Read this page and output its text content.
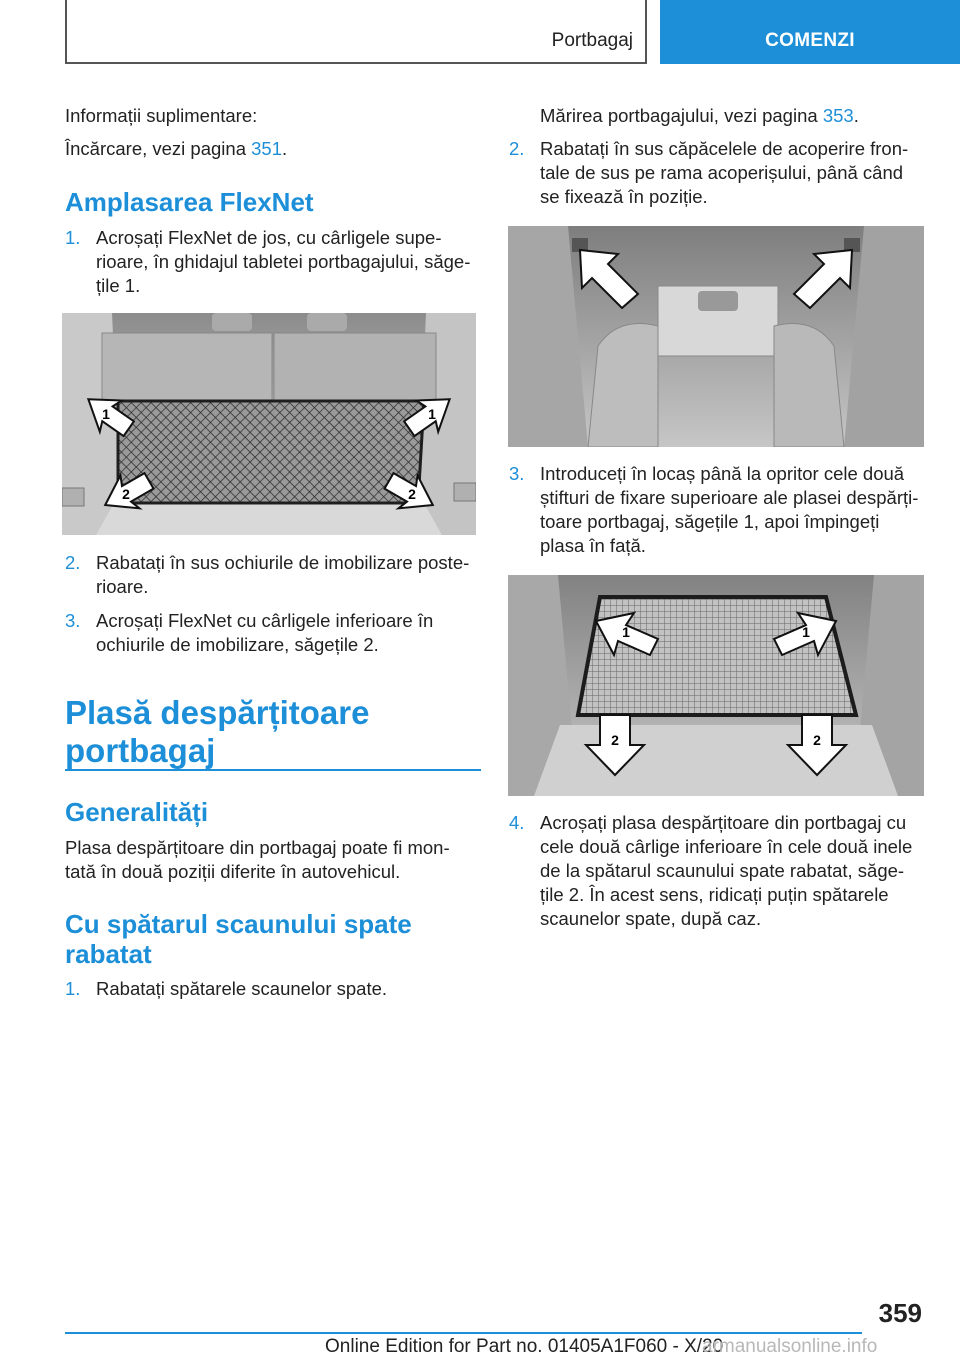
Portbagaj	COMENZI

Informații suplimentare:

Încărcare, vezi pagina 351.

Amplasarea FlexNet

1. Acroșați FlexNet de jos, cu cârligele supe‐
rioare, în ghidajul tabletei portbagajului, săge‐
țile 1.
1	1
2	2
2. Rabatați în sus ochiurile de imobilizare poste‐
rioare.
3. Acroșați FlexNet cu cârligele inferioare în
ochiurile de imobilizare, săgețile 2.
Plasă despărțitoare
portbagaj

Generalități

Plasa despărțitoare din portbagaj poate fi mon‐
tată în două poziții diferite în autovehicul.
Cu spătarul scaunului spate
rabatat
1. Rabatați spătarele scaunelor spate.

Mărirea portbagajului, vezi pagina 353.

2. Rabatați în sus căpăcelele de acoperire fron‐
tale de sus pe rama acoperișului, până când
se fixează în poziție.
3. Introduceți în locaș până la opritor cele două
știfturi de fixare superioare ale plasei despărți‐
toare portbagaj, săgețile 1, apoi împingeți
plasa în față.
1	1
2	2
4. Acroșați plasa despărțitoare din portbagaj cu
cele două cârlige inferioare în cele două inele
de la spătarul scaunului spate rabatat, săge‐
țile 2. În acest sens, ridicați puțin spătarele
scaunelor spate, după caz.
359
Online Edition for Part no. 01405A1F060 - X/20
armanualsonline.info
